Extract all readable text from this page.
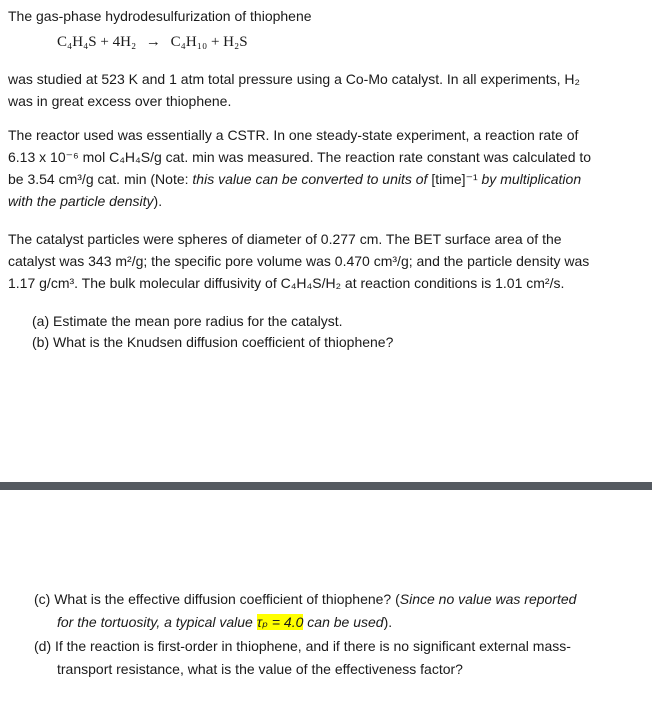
The gas-phase hydrodesulfurization of thiophene

C₄H₄S + 4H₂ → C₄H₁₀ + H₂S

was studied at 523 K and 1 atm total pressure using a Co-Mo catalyst. In all experiments, H₂
was in great excess over thiophene.
The reactor used was essentially a CSTR. In one steady-state experiment, a reaction rate of
6.13 x 10⁻⁶ mol C₄H₄S/g cat. min was measured. The reaction rate constant was calculated to
be 3.54 cm³/g cat. min (Note: this value can be converted to units of [time]⁻¹ by multiplication
with the particle density).
The catalyst particles were spheres of diameter of 0.277 cm. The BET surface area of the
catalyst was 343 m²/g; the specific pore volume was 0.470 cm³/g; and the particle density was
1.17 g/cm³. The bulk molecular diffusivity of C₄H₄S/H₂ at reaction conditions is 1.01 cm²/s.

(a) Estimate the mean pore radius for the catalyst.

(b) What is the Knudsen diffusion coefficient of thiophene?

(c) What is the effective diffusion coefficient of thiophene? (Since no value was reported

for the tortuosity, a typical value τₚ = 4.0 can be used).

(d) If the reaction is first-order in thiophene, and if there is no significant external mass-

transport resistance, what is the value of the effectiveness factor?
